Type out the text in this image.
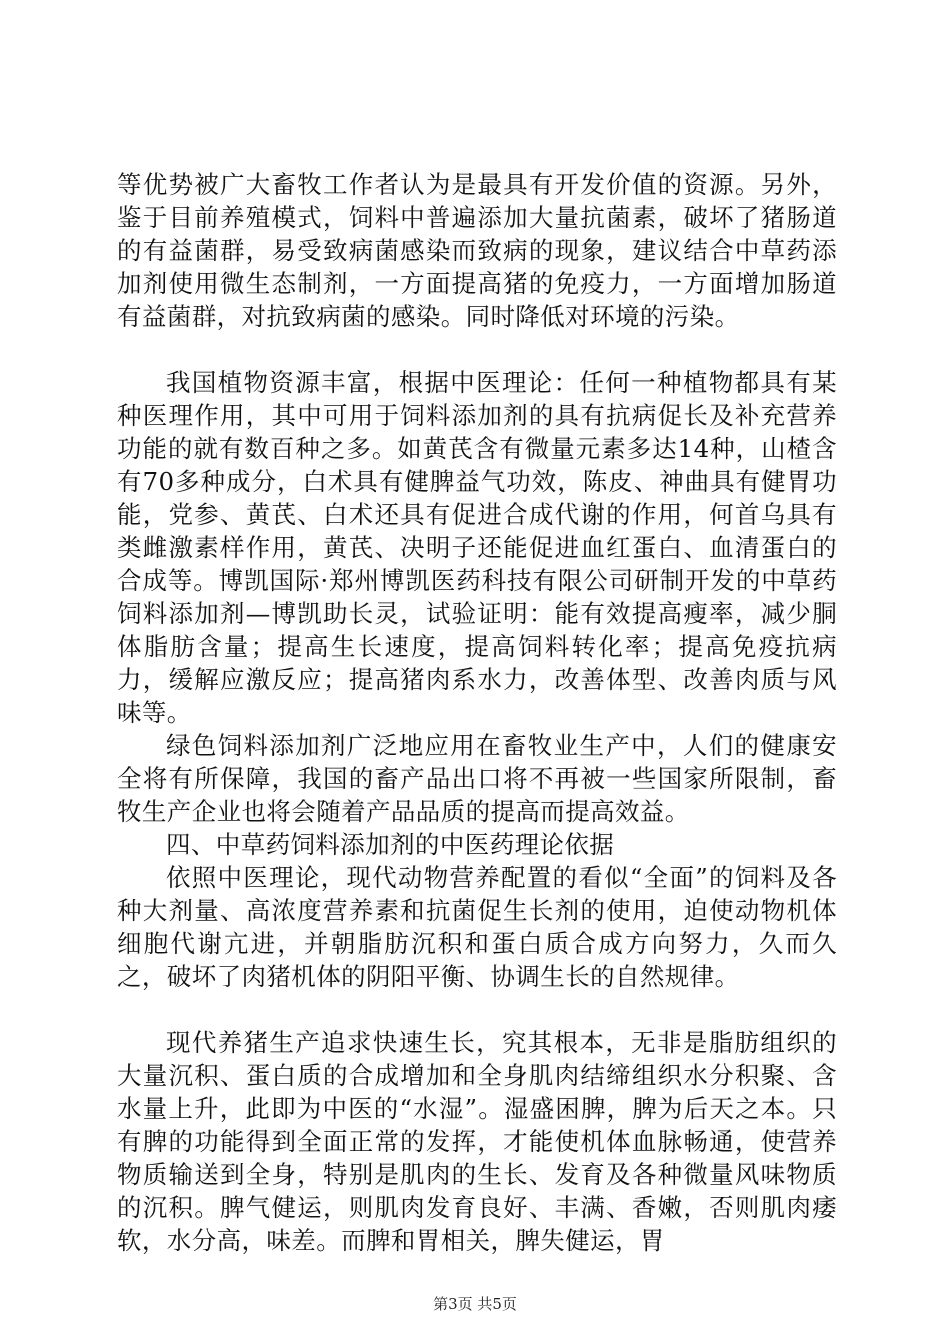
等优势被广大畜牧工作者认为是最具有开发价值的资源。另外，鉴于目前养殖模式，饲料中普遍添加大量抗菌素，破坏了猪肠道的有益菌群，易受致病菌感染而致病的现象，建议结合中草药添加剂使用微生态制剂，一方面提高猪的免疫力，一方面增加肠道有益菌群，对抗致病菌的感染。同时降低对环境的污染。

我国植物资源丰富，根据中医理论：任何一种植物都具有某种医理作用，其中可用于饲料添加剂的具有抗病促长及补充营养功能的就有数百种之多。如黄芪含有微量元素多达14种，山楂含有70多种成分，白术具有健脾益气功效，陈皮、神曲具有健胃功能，党参、黄芪、白术还具有促进合成代谢的作用，何首乌具有类雌激素样作用，黄芪、决明子还能促进血红蛋白、血清蛋白的合成等。博凯国际·郑州博凯医药科技有限公司研制开发的中草药饲料添加剂—博凯助长灵，试验证明：能有效提高瘦率，减少胴体脂肪含量；提高生长速度，提高饲料转化率；提高免疫抗病力，缓解应激反应；提高猪肉系水力，改善体型、改善肉质与风味等。

绿色饲料添加剂广泛地应用在畜牧业生产中，人们的健康安全将有所保障，我国的畜产品出口将不再被一些国家所限制，畜牧生产企业也将会随着产品品质的提高而提高效益。

四、中草药饲料添加剂的中医药理论依据

依照中医理论，现代动物营养配置的看似“全面”的饲料及各种大剂量、高浓度营养素和抗菌促生长剂的使用，迫使动物机体细胞代谢亢进，并朝脂肪沉积和蛋白质合成方向努力，久而久之，破坏了肉猪机体的阴阳平衡、协调生长的自然规律。

现代养猪生产追求快速生长，究其根本，无非是脂肪组织的大量沉积、蛋白质的合成增加和全身肌肉结缔组织水分积聚、含水量上升，此即为中医的“水湿”。湿盛困脾，脾为后天之本。只有脾的功能得到全面正常的发挥，才能使机体血脉畅通，使营养物质输送到全身，特别是肌肉的生长、发育及各种微量风味物质的沉积。脾气健运，则肌肉发育良好、丰满、香嫩，否则肌肉痿软，水分高，味差。而脾和胃相关，脾失健运，胃

第3页 共5页
